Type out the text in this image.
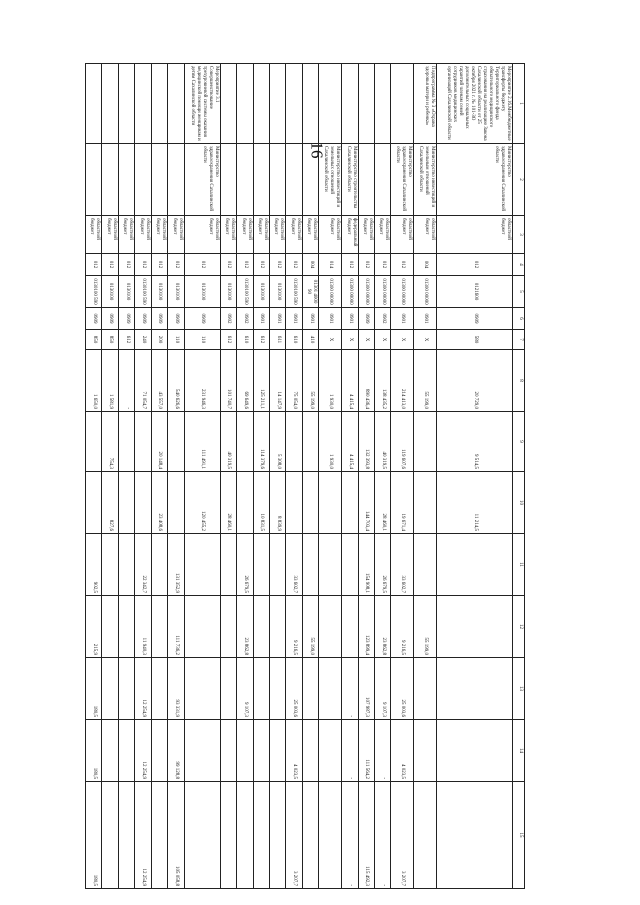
16
1	2	3	4	5	6	7	8	9	10	11	12	13	14	15
Мероприятие 2.16.Межбюджетные трансферты бюджету Территориального фонда обязательного медицинского страхования на реализацию Закона Сахалинской области от 25 октября 2021 г. № 101-ЗО дополнительных социальных гарантий членам семей сотрудников медицинских организаций Сахалинской области	Министерство здравоохранения Сахалинской области	областной бюджет	012	0121600	0909	580	20 729,0	9 514,5	11 214,5					
Подпрограмма № 3 «Охрана здоровья матери и ребенка»	Министерство инвестиций и земельным отношений Сахалинской области	областной бюджет	004	01300 00000	0901	X	55 199,0				55 199,0			
	Министерство здравоохранения Сахалинской области	областной бюджет	012	01300 00000	0901	X	214 413,0	119 607,6	19 671,4	33 602,7	9 216,5	25 003,6	4 023,5	3 207,7
		областной бюджет	012	01300 00000	0902	X	138 435,2	40 319,5	28 460,1	26 679,5	23 862,8	9 107,3	-	-
		областной бюджет	012	01300 00000	0909	X	890 436,4	132 393,8	144 703,4	154 908,1	123 899,4	107 987,3	111 564,2	115 492,3
	Министерство строительства Сахалинской области	федеральный бюджет	012	01300 00000	0901	X	4 415,4	4 415,4				-	-	-
	Министерство инвестиций и земельных отношений Сахалинской области	областной бюджет	014	01300 00000	0901	X	1 930,0	1 930,0						
		областной бюджет	004	01301 4000 90	0901	410	55 199,0				55 199,0			
		областной бюджет	012	0130100 590	0901	610	75 054,0			33 602,7	9 216,5	25 003,6	4 023,5	3 207,7
		областной бюджет	012	0130100	0901	611	14 147,9	5 308,0	8 839,9					
		областной бюджет	012	0130100	0901	612	125 211,1	114 379,6	10 831,5					
		областной бюджет	012	0130100 590	0902	610	69 649,6			26 679,5	23 862,8	9 107,3		
		областной бюджет	012	0130100	0902	612	101 740,7	40 319,5	28 460,1					
Мероприятие 3.1 Совершенствование трехуровневой системы оказания медицинской помощи женщинам и детям Сахалинской области	Министерство здравоохранения Сахалинской области	областной бюджет	012	0130100	0909	110	231 946,3	111 491,1	120 455,2					
		областной бюджет	012	0130100	0909	110	540 626,6			131 352,9	111 736,2	93 331,9	99 128,8	105 058,8
		областной бюджет	012	0130100	0909	200	43 557,0	20 148,4	23 408,6					
		областной бюджет	012	0130100 590	0909	240	71 054,7			22 342,7	11 940,3	12 254,9	12 254,9	12 254,9
		областной бюджет	012	0130100	0909	612	-							
		областной бюджет	012	0130100	0909	850	1 581,9	754,3	827,6					
		областной бюджет	012	0130100 590	0909	850	1 650,0			902,5	215,9	180,5	180,5	180,5
